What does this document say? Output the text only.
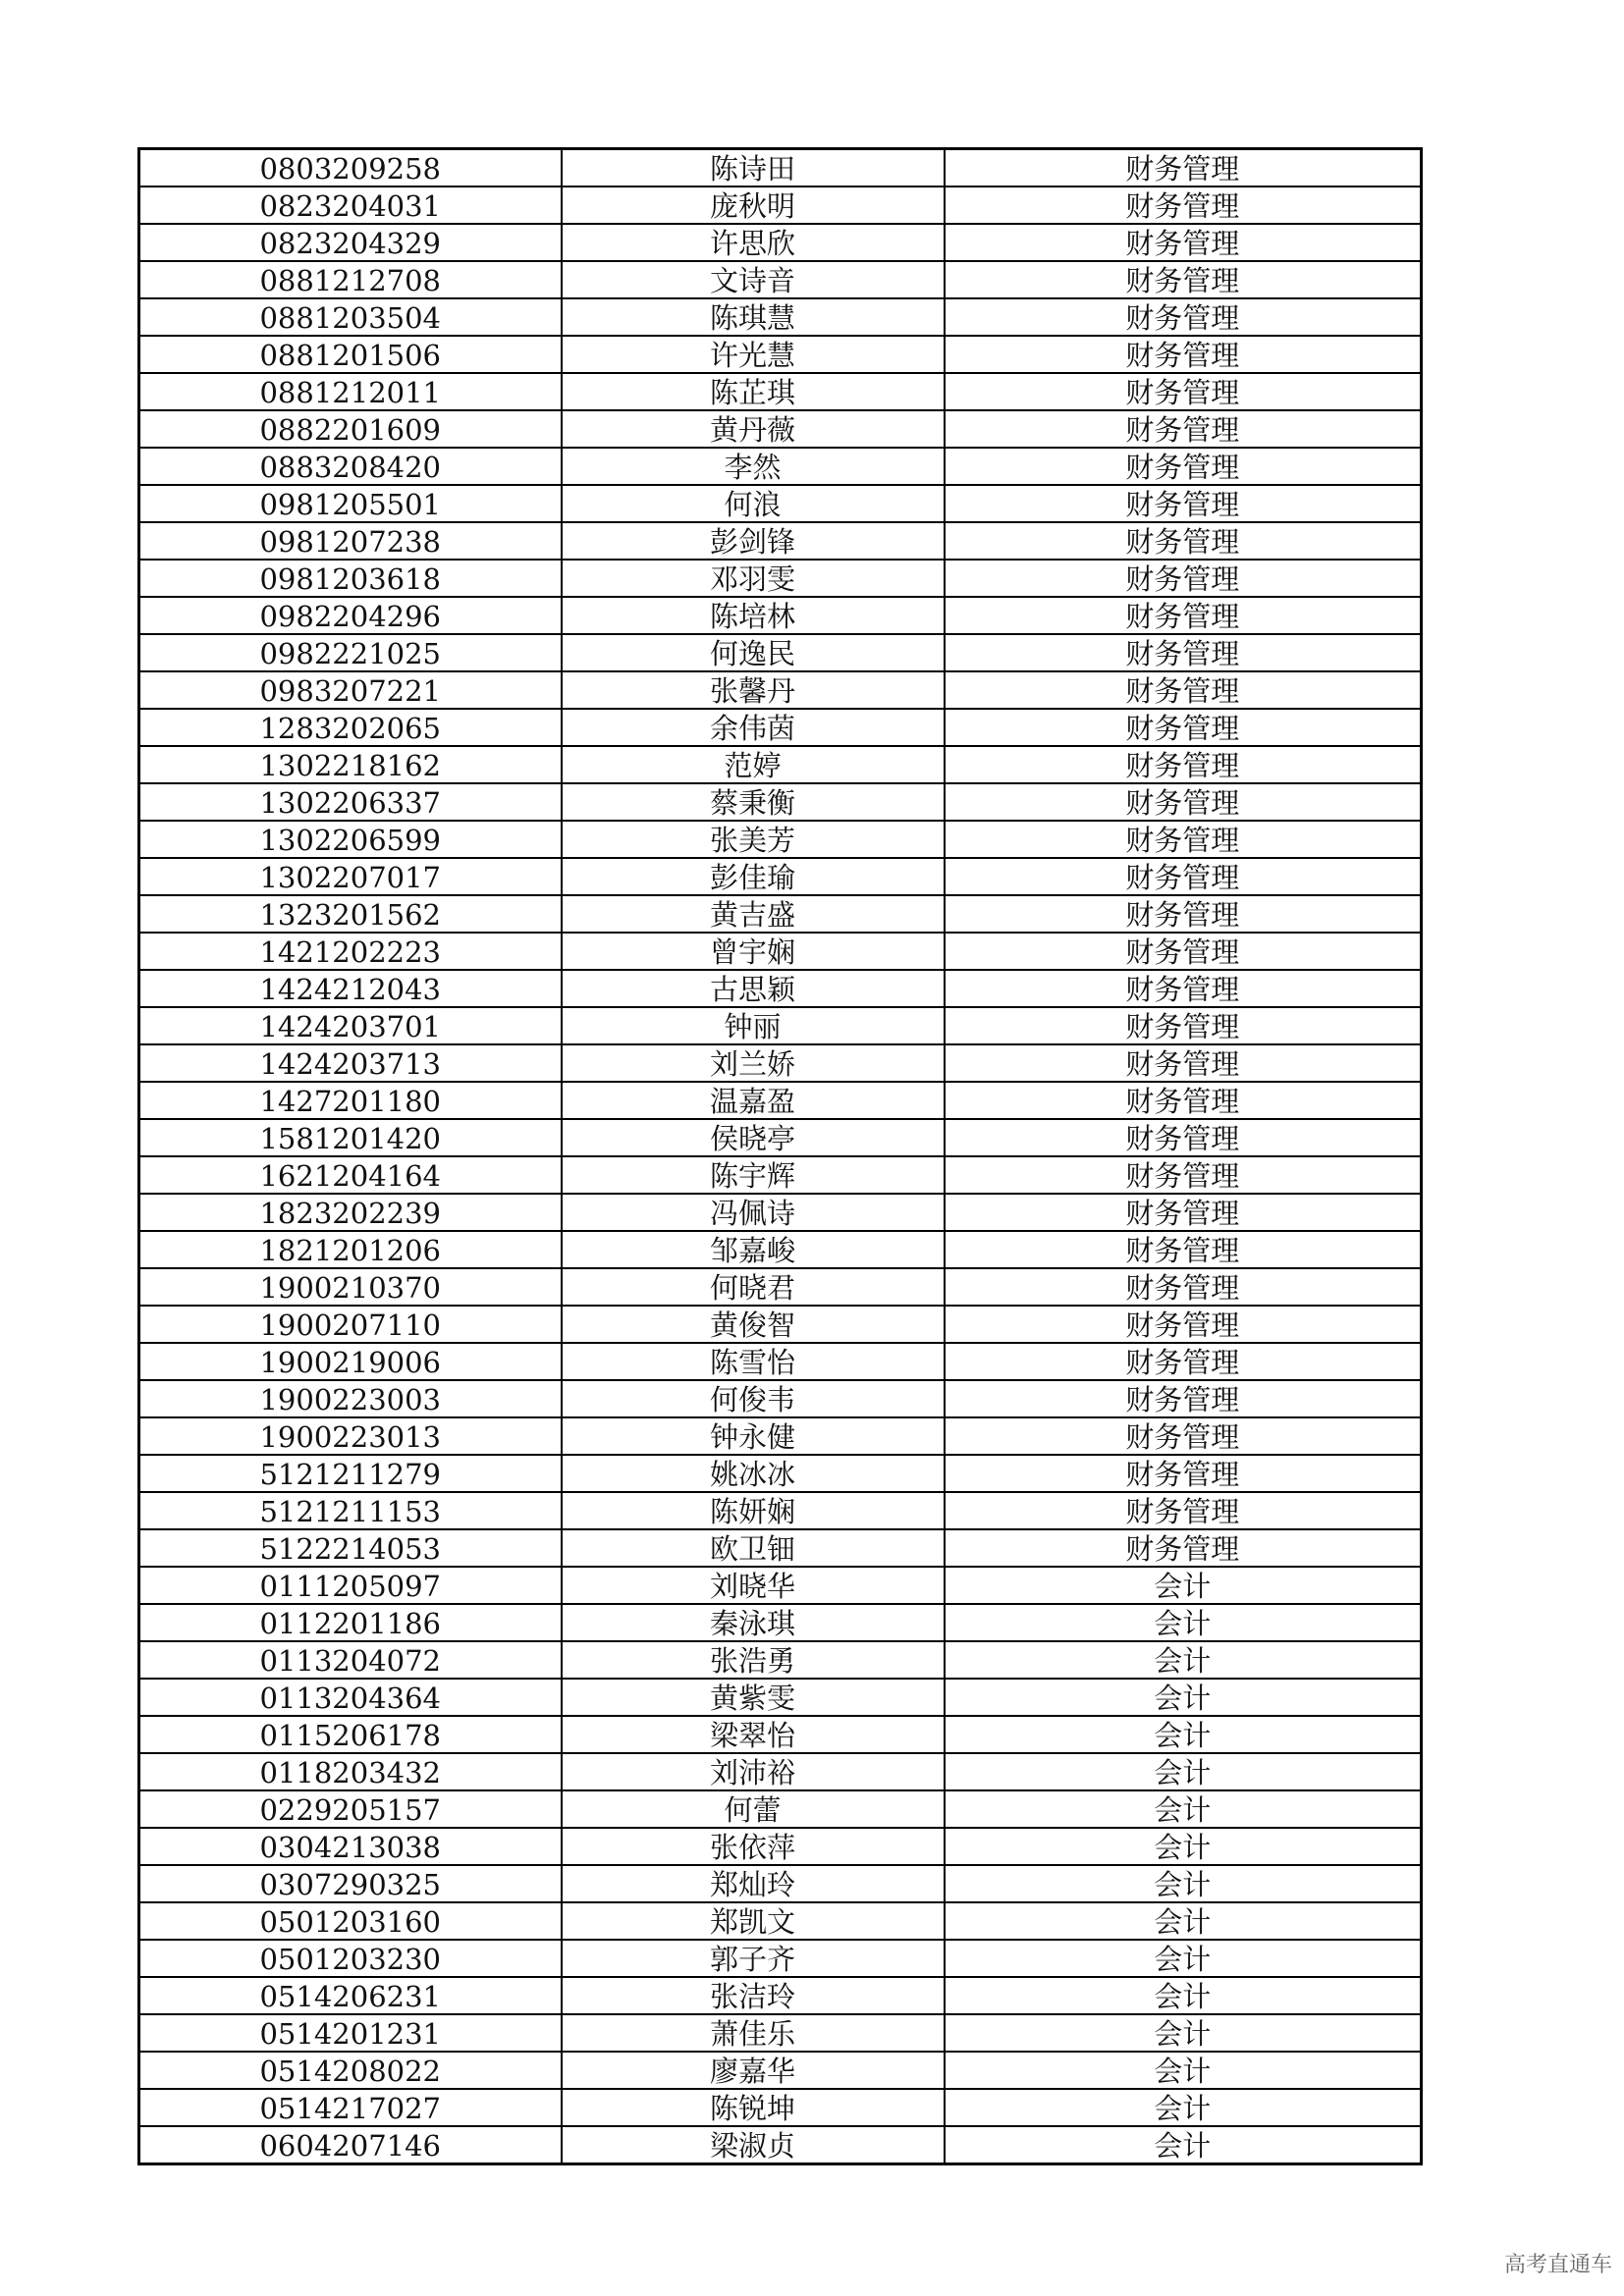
0803209258	陈诗田	财务管理
0823204031	庞秋明	财务管理
0823204329	许思欣	财务管理
0881212708	文诗音	财务管理
0881203504	陈琪慧	财务管理
0881201506	许光慧	财务管理
0881212011	陈芷琪	财务管理
0882201609	黄丹薇	财务管理
0883208420	李然	财务管理
0981205501	何浪	财务管理
0981207238	彭剑锋	财务管理
0981203618	邓羽雯	财务管理
0982204296	陈培林	财务管理
0982221025	何逸民	财务管理
0983207221	张馨丹	财务管理
1283202065	余伟茵	财务管理
1302218162	范婷	财务管理
1302206337	蔡秉衡	财务管理
1302206599	张美芳	财务管理
1302207017	彭佳瑜	财务管理
1323201562	黄吉盛	财务管理
1421202223	曾宇娴	财务管理
1424212043	古思颖	财务管理
1424203701	钟丽	财务管理
1424203713	刘兰娇	财务管理
1427201180	温嘉盈	财务管理
1581201420	侯晓亭	财务管理
1621204164	陈宇辉	财务管理
1823202239	冯佩诗	财务管理
1821201206	邹嘉峻	财务管理
1900210370	何晓君	财务管理
1900207110	黄俊智	财务管理
1900219006	陈雪怡	财务管理
1900223003	何俊韦	财务管理
1900223013	钟永健	财务管理
5121211279	姚冰冰	财务管理
5121211153	陈妍娴	财务管理
5122214053	欧卫钿	财务管理
0111205097	刘晓华	会计
0112201186	秦泳琪	会计
0113204072	张浩勇	会计
0113204364	黄紫雯	会计
0115206178	梁翠怡	会计
0118203432	刘沛裕	会计
0229205157	何蕾	会计
0304213038	张依萍	会计
0307290325	郑灿玲	会计
0501203160	郑凯文	会计
0501203230	郭子齐	会计
0514206231	张洁玲	会计
0514201231	萧佳乐	会计
0514208022	廖嘉华	会计
0514217027	陈锐坤	会计
0604207146	梁淑贞	会计
高考直通车
